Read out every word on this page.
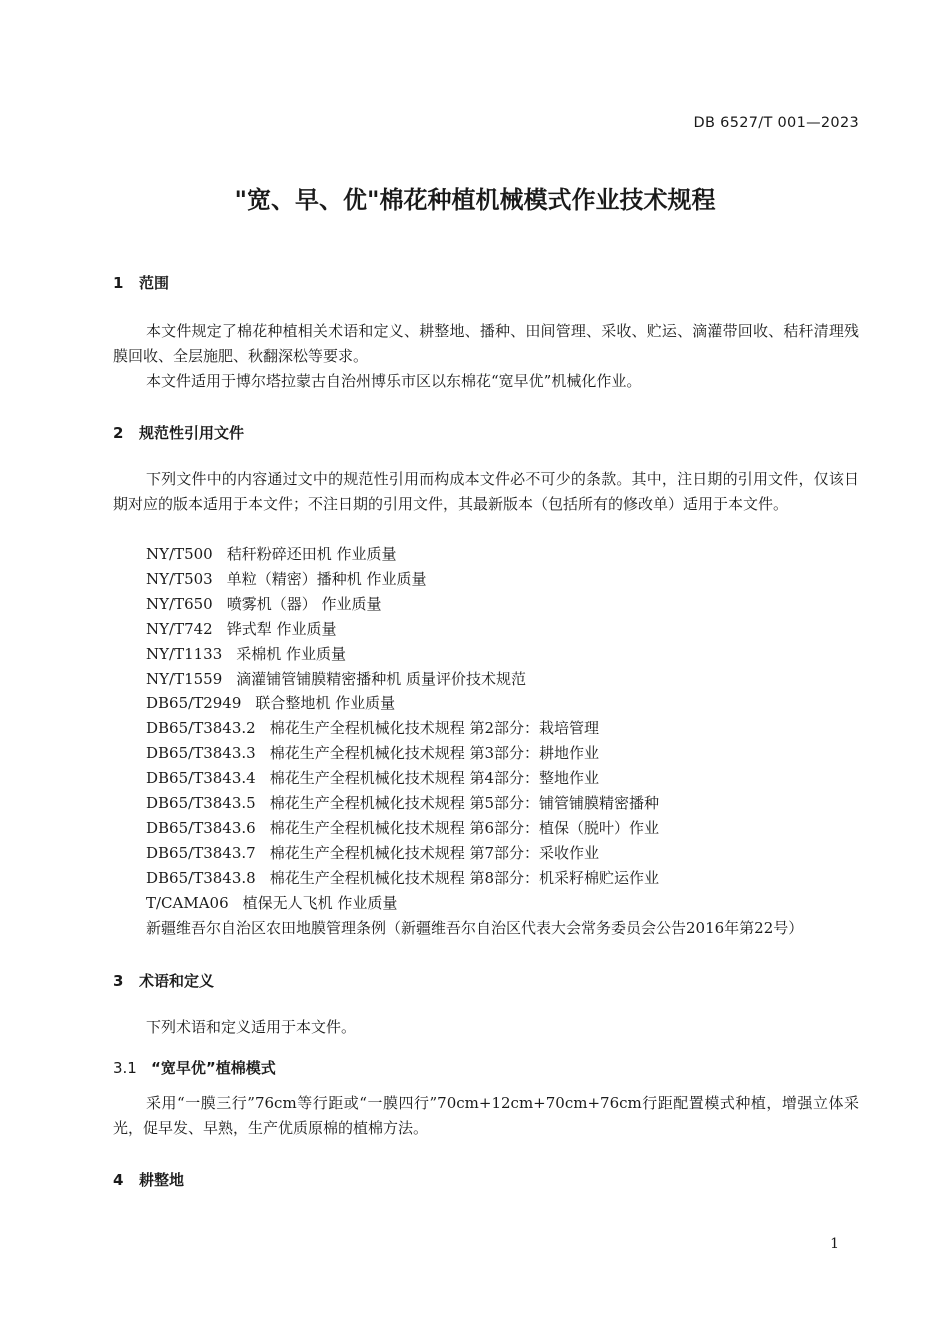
DB 6527/T 001—2023
"宽、早、优"棉花种植机械模式作业技术规程
1 范围
本文件规定了棉花种植相关术语和定义、耕整地、播种、田间管理、采收、贮运、滴灌带回收、秸秆清理残膜回收、全层施肥、秋翻深松等要求。
本文件适用于博尔塔拉蒙古自治州博乐市区以东棉花“宽早优”机械化作业。
2 规范性引用文件
下列文件中的内容通过文中的规范性引用而构成本文件必不可少的条款。其中，注日期的引用文件，仅该日期对应的版本适用于本文件；不注日期的引用文件，其最新版本（包括所有的修改单）适用于本文件。
NY/T500 秸秆粉碎还田机 作业质量
NY/T503 单粒（精密）播种机 作业质量
NY/T650 喷雾机（器） 作业质量
NY/T742 铧式犁 作业质量
NY/T1133 采棉机 作业质量
NY/T1559 滴灌铺管铺膜精密播种机 质量评价技术规范
DB65/T2949 联合整地机 作业质量
DB65/T3843.2 棉花生产全程机械化技术规程 第2部分：栽培管理
DB65/T3843.3 棉花生产全程机械化技术规程 第3部分：耕地作业
DB65/T3843.4 棉花生产全程机械化技术规程 第4部分：整地作业
DB65/T3843.5 棉花生产全程机械化技术规程 第5部分：铺管铺膜精密播种
DB65/T3843.6 棉花生产全程机械化技术规程 第6部分：植保（脱叶）作业
DB65/T3843.7 棉花生产全程机械化技术规程 第7部分：采收作业
DB65/T3843.8 棉花生产全程机械化技术规程 第8部分：机采籽棉贮运作业
T/CAMA06 植保无人飞机 作业质量
新疆维吾尔自治区农田地膜管理条例（新疆维吾尔自治区代表大会常务委员会公告2016年第22号）
3 术语和定义
下列术语和定义适用于本文件。
3.1 “宽早优”植棉模式
采用“一膜三行”76cm等行距或“一膜四行”70cm+12cm+70cm+76cm行距配置模式种植，增强立体采光，促早发、早熟，生产优质原棉的植棉方法。
4 耕整地
1
